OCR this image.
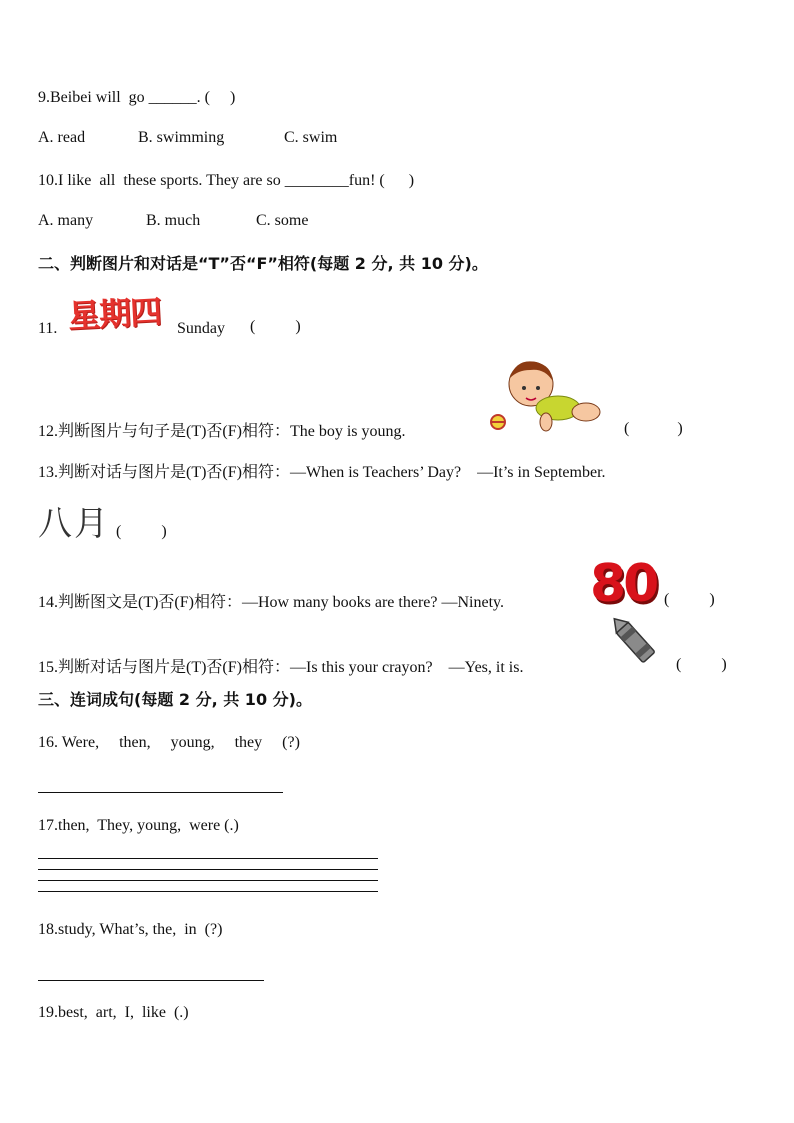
9.Beibei will  go ______. (     )
A. read	B. swimming	C. swim
10.I like  all  these sports. They are so ________fun! (      )
A. many	B. much	C. some
二、判断图片和对话是“T”否“F”相符(每题 2 分, 共 10 分)。
11. 星期四 Sunday (          )
12.判断图片与句子是(T)否(F)相符：The boy is young.	(            )
13.判断对话与图片是(T)否(F)相符：—When is Teachers’ Day?    —It’s in September.
八月 (          )
14.判断图文是(T)否(F)相符：—How many books are there? —Ninety. 80 (          )
15.判断对话与图片是(T)否(F)相符：—Is this your crayon?    —Yes, it is.	(          )
三、连词成句(每题 2 分, 共 10 分)。
16. Were,     then,     young,     they     (?)
17.then,  They, young,  were (.)
18.study, What’s, the,  in  (?)
19.best,  art,  I,  like  (.)
